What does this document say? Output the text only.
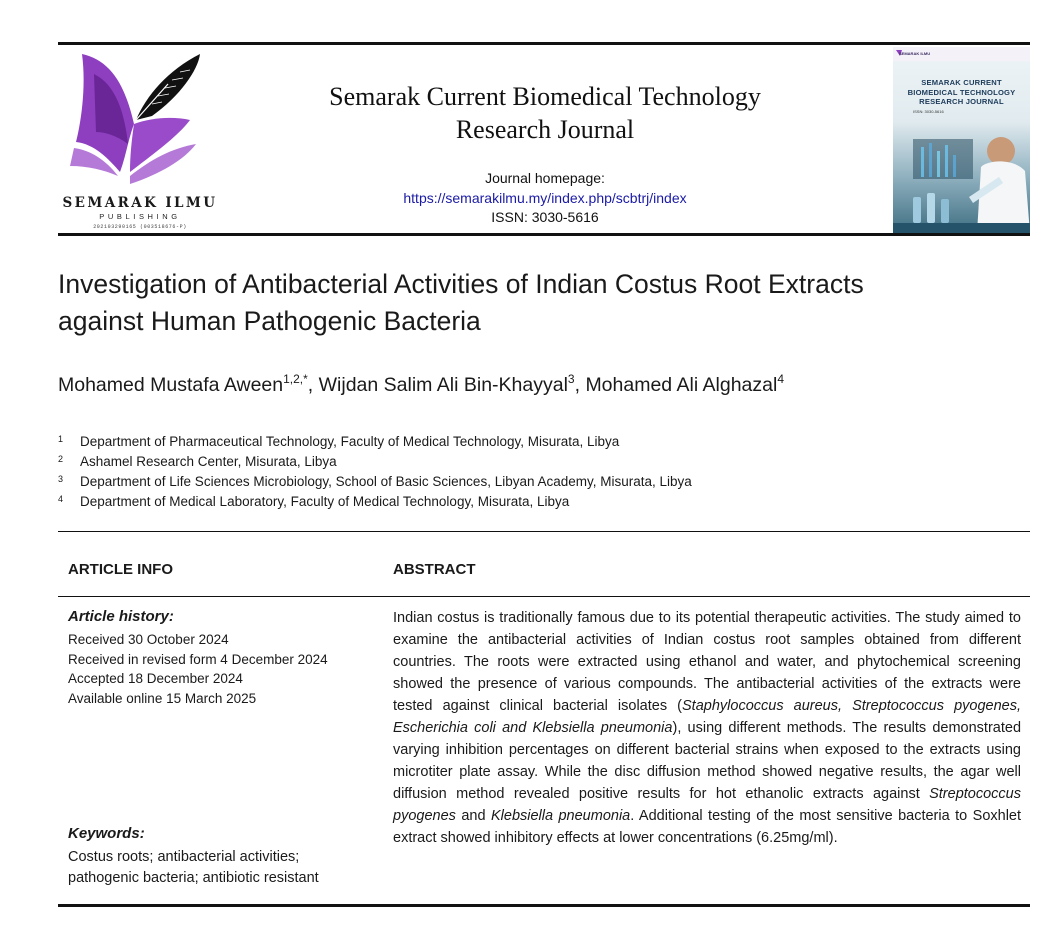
SEMARAK ILMU
PUBLISHING
202103290165 (003518676-P)
Semarak Current Biomedical Technology
Research Journal
Journal homepage:
https://semarakilmu.my/index.php/scbtrj/index
ISSN: 3030-5616
SEMARAK ILMU
SEMARAK CURRENT BIOMEDICAL TECHNOLOGY RESEARCH JOURNAL
ISSN: 3030-5616
Investigation of Antibacterial Activities of Indian Costus Root Extracts
against Human Pathogenic Bacteria
Mohamed Mustafa Aween$^{1,2,*}$, Wijdan Salim Ali Bin-Khayyal$^3$, Mohamed Ali Alghazal$^4$
1 Department of Pharmaceutical Technology, Faculty of Medical Technology, Misurata, Libya
2 Ashamel Research Center, Misurata, Libya
3 Department of Life Sciences Microbiology, School of Basic Sciences, Libyan Academy, Misurata, Libya
4 Department of Medical Laboratory, Faculty of Medical Technology, Misurata, Libya
ARTICLE INFO	ABSTRACT
Article history:
Received 30 October 2024
Received in revised form 4 December 2024
Accepted 18 December 2024
Available online 15 March 2025
Keywords:
Costus roots; antibacterial activities;
pathogenic bacteria; antibiotic resistant
Indian costus is traditionally famous due to its potential therapeutic activities. The study aimed to examine the antibacterial activities of Indian costus root samples obtained from different countries. The roots were extracted using ethanol and water, and phytochemical screening showed the presence of various compounds. The antibacterial activities of the extracts were tested against clinical bacterial isolates (Staphylococcus aureus, Streptococcus pyogenes, Escherichia coli and Klebsiella pneumonia), using different methods. The results demonstrated varying inhibition percentages on different bacterial strains when exposed to the extracts using microtiter plate assay. While the disc diffusion method showed negative results, the agar well diffusion method revealed positive results for hot ethanolic extracts against Streptococcus pyogenes and Klebsiella pneumonia. Additional testing of the most sensitive bacteria to Soxhlet extract showed inhibitory effects at lower concentrations (6.25mg/ml).
